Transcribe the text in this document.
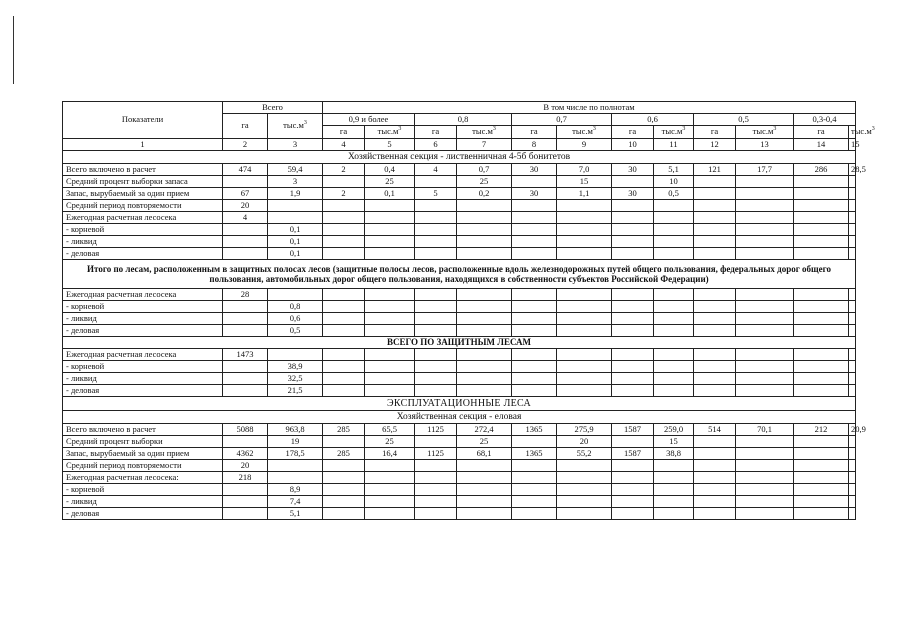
Показатели	Всего		В том числе по полнотам											
	га	$тыс.м^3$	0,9 и более		0,8		0,7		0,6		0,5		0,3-0,4	
			га	$тыс.м^3$	га	$тыс.м^3$	га	$тыс.м^3$	га	$тыс.м^3$	га	$тыс.м^3$	га	$тыс.м^3$
1	2	3	4	5	6	7	8	9	10	11	12	13	14	15
Хозяйственная секция - лиственничная 4-5б бонитетов														
Всего включено в расчет	474	59,4	2	0,4	4	0,7	30	7,0	30	5,1	121	17,7	286	28,5
Средний процент выборки запаса		3		25		25		15		10				
Запас, вырубаемый за один прием	67	1,9	2	0,1	5	0,2	30	1,1	30	0,5				
Средний период повторяемости	20													
Ежегодная расчетная лесосека	4													
- корневой		0,1												
- ликвид		0,1												
- деловая		0,1												
Итого по лесам, расположенным в защитных полосах лесов (защитные полосы лесов, расположенные вдоль железнодорожных путей общего пользования, федеральных дорог общего пользования, автомобильных дорог общего пользования, находящихся в собственности субъектов Российской Федерации)														
Ежегодная расчетная лесосека	28													
- корневой		0,8												
- ликвид		0,6												
- деловая		0,5												
ВСЕГО ПО ЗАЩИТНЫМ ЛЕСАМ														
Ежегодная расчетная лесосека	1473													
- корневой		38,9												
- ликвид		32,5												
- деловая		21,5												
ЭКСПЛУАТАЦИОННЫЕ ЛЕСА														
Хозяйственная секция - еловая														
Всего включено в расчет	5088	963,8	285	65,5	1125	272,4	1365	275,9	1587	259,0	514	70,1	212	20,9
Средний процент выборки		19		25		25		20		15				
Запас, вырубаемый за один прием	4362	178,5	285	16,4	1125	68,1	1365	55,2	1587	38,8				
Средний период повторяемости	20													
Ежегодная расчетная лесосека:	218													
- корневой		8,9												
- ликвид		7,4												
- деловая		5,1												
